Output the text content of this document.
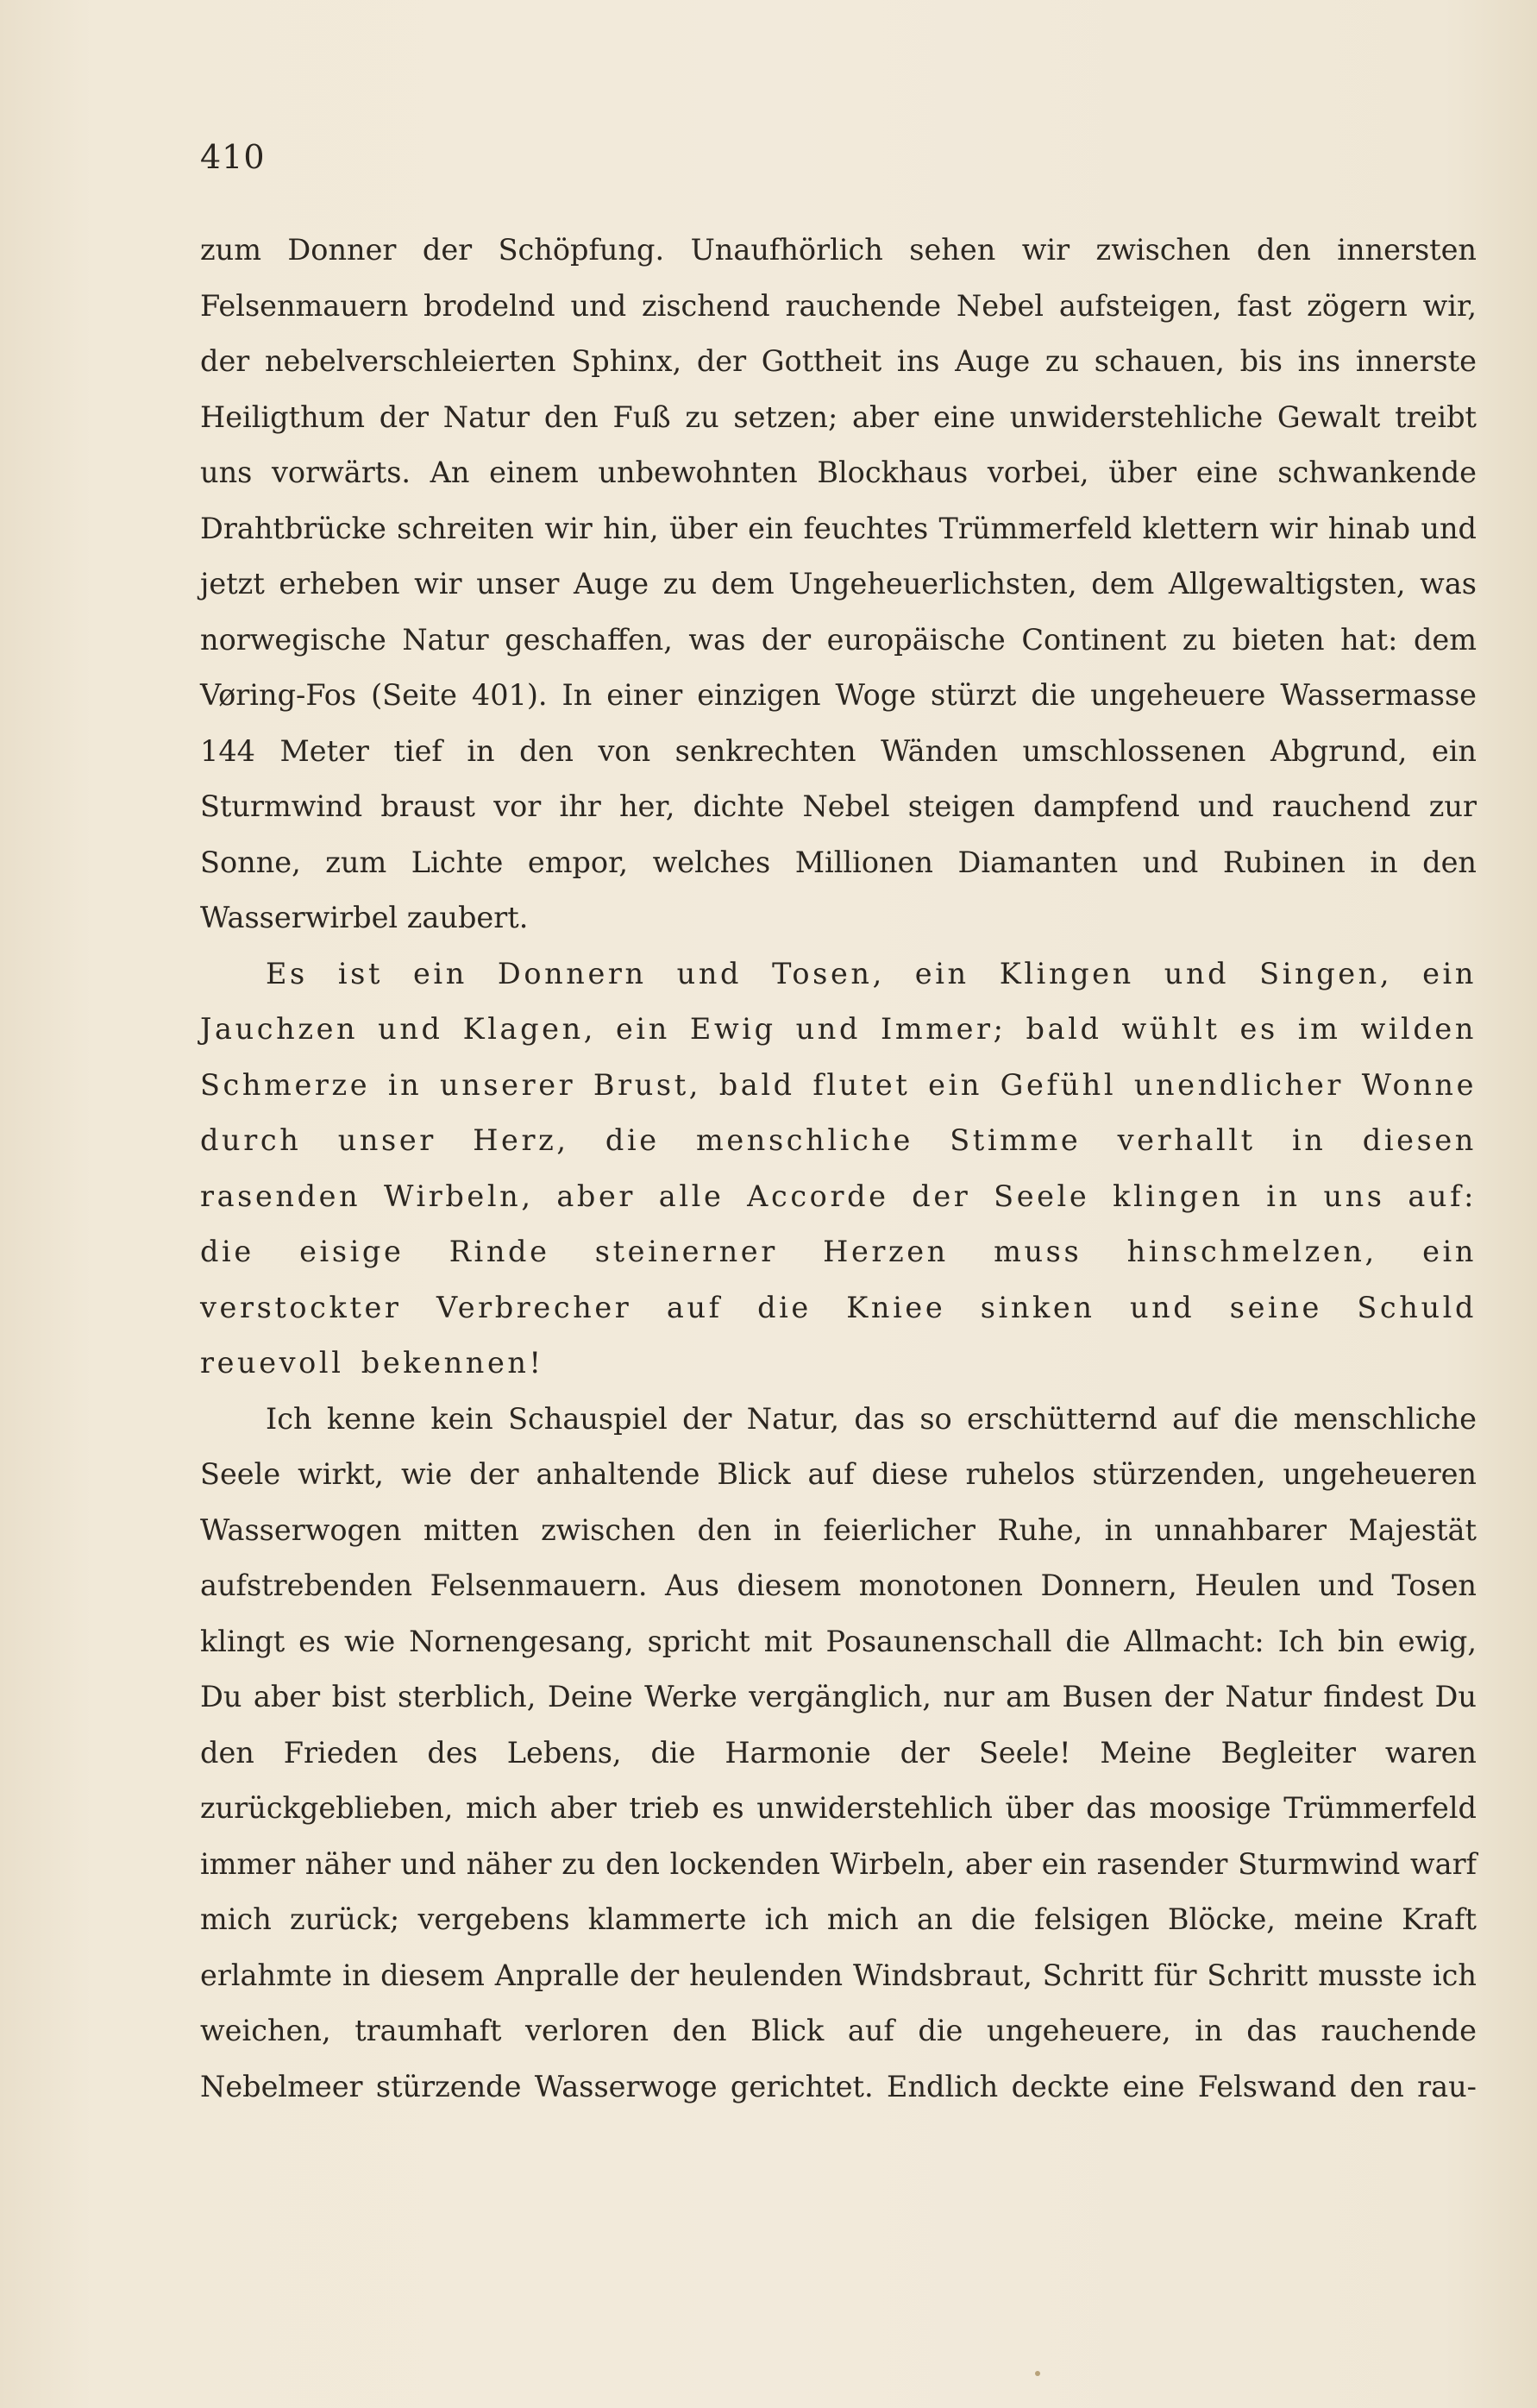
410

zum Donner der Schöpfung. Unaufhörlich sehen wir zwischen den innersten Felsenmauern brodelnd und zischend rauchende Nebel aufsteigen, fast zögern wir, der nebelverschleierten Sphinx, der Gottheit ins Auge zu schauen, bis ins innerste Heiligthum der Natur den Fuß zu setzen; aber eine unwiderstehliche Gewalt treibt uns vorwärts. An einem unbewohnten Blockhaus vorbei, über eine schwankende Drahtbrücke schreiten wir hin, über ein feuchtes Trümmerfeld klettern wir hinab und jetzt erheben wir unser Auge zu dem Ungeheuerlichsten, dem Allgewaltigsten, was norwegische Natur geschaffen, was der europäische Continent zu bieten hat: dem Vøring-Fos (Seite 401). In einer einzigen Woge stürzt die ungeheuere Wassermasse 144 Meter tief in den von senkrechten Wänden umschlossenen Abgrund, ein Sturmwind braust vor ihr her, dichte Nebel steigen dampfend und rauchend zur Sonne, zum Lichte empor, welches Millionen Diamanten und Rubinen in den Wasserwirbel zaubert.

Es ist ein Donnern und Tosen, ein Klingen und Singen, ein Jauchzen und Klagen, ein Ewig und Immer; bald wühlt es im wilden Schmerze in unserer Brust, bald flutet ein Gefühl unendlicher Wonne durch unser Herz, die menschliche Stimme verhallt in diesen rasenden Wirbeln, aber alle Accorde der Seele klingen in uns auf: die eisige Rinde steinerner Herzen muss hinschmelzen, ein verstockter Verbrecher auf die Kniee sinken und seine Schuld reuevoll bekennen!

Ich kenne kein Schauspiel der Natur, das so erschütternd auf die menschliche Seele wirkt, wie der anhaltende Blick auf diese ruhelos stürzenden, ungeheueren Wasserwogen mitten zwischen den in feierlicher Ruhe, in unnahbarer Majestät aufstrebenden Felsenmauern. Aus diesem monotonen Donnern, Heulen und Tosen klingt es wie Nornengesang, spricht mit Posaunenschall die Allmacht: Ich bin ewig, Du aber bist sterblich, Deine Werke vergänglich, nur am Busen der Natur findest Du den Frieden des Lebens, die Harmonie der Seele! Meine Begleiter waren zurückgeblieben, mich aber trieb es unwiderstehlich über das moosige Trümmerfeld immer näher und näher zu den lockenden Wirbeln, aber ein rasender Sturmwind warf mich zurück; vergebens klammerte ich mich an die felsigen Blöcke, meine Kraft erlahmte in diesem Anpralle der heulenden Windsbraut, Schritt für Schritt musste ich weichen, traumhaft verloren den Blick auf die ungeheuere, in das rauchende Nebelmeer stürzende Wasserwoge gerichtet. Endlich deckte eine Felswand den rau-
